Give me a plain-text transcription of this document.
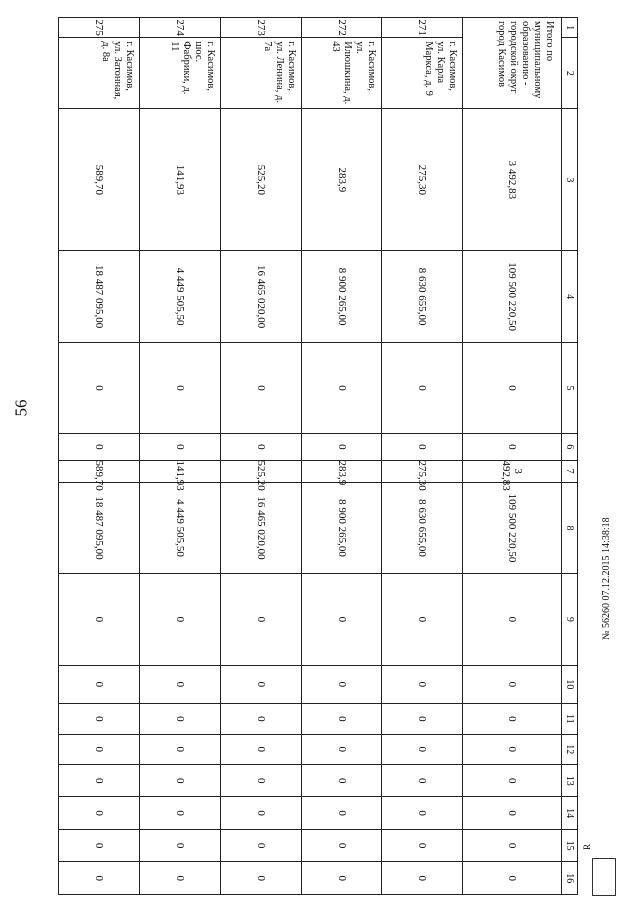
56
1	2	3	4	5	6	7	8	9	10	11	12	13	14	15	16
Итого по муниципальному образованию - городской округ город Касимов		3 492,83	109 500 220,50	0	0	3 492,83	109 500 220,50	0	0	0	0	0	0	0	0
271	г. Касимов, ул. Карла Маркса, д. 9	275,30	8 630 655,00	0	0	275,30	8 630 655,00	0	0	0	0	0	0	0	0
272	г. Касимов, ул. Илюшкина, д. 43	283,9	8 900 265,00	0	0	283,9	8 900 265,00	0	0	0	0	0	0	0	0
273	г. Касимов, ул. Ленина, д. 7а	525,20	16 465 020,00	0	0	525,20	16 465 020,00	0	0	0	0	0	0	0	0
274	г. Касимов, шос. Фабрики, д. 11	141,93	4 449 505,50	0	0	141,93	4 449 505,50	0	0	0	0	0	0	0	0
275	г. Касимов, ул. Затонная, д. 8а	589,70	18 487 095,00	0	0	589,70	18 487 095,00	0	0	0	0	0	0	0	0
№ 56260 07.12.2015 14:38:18
R
